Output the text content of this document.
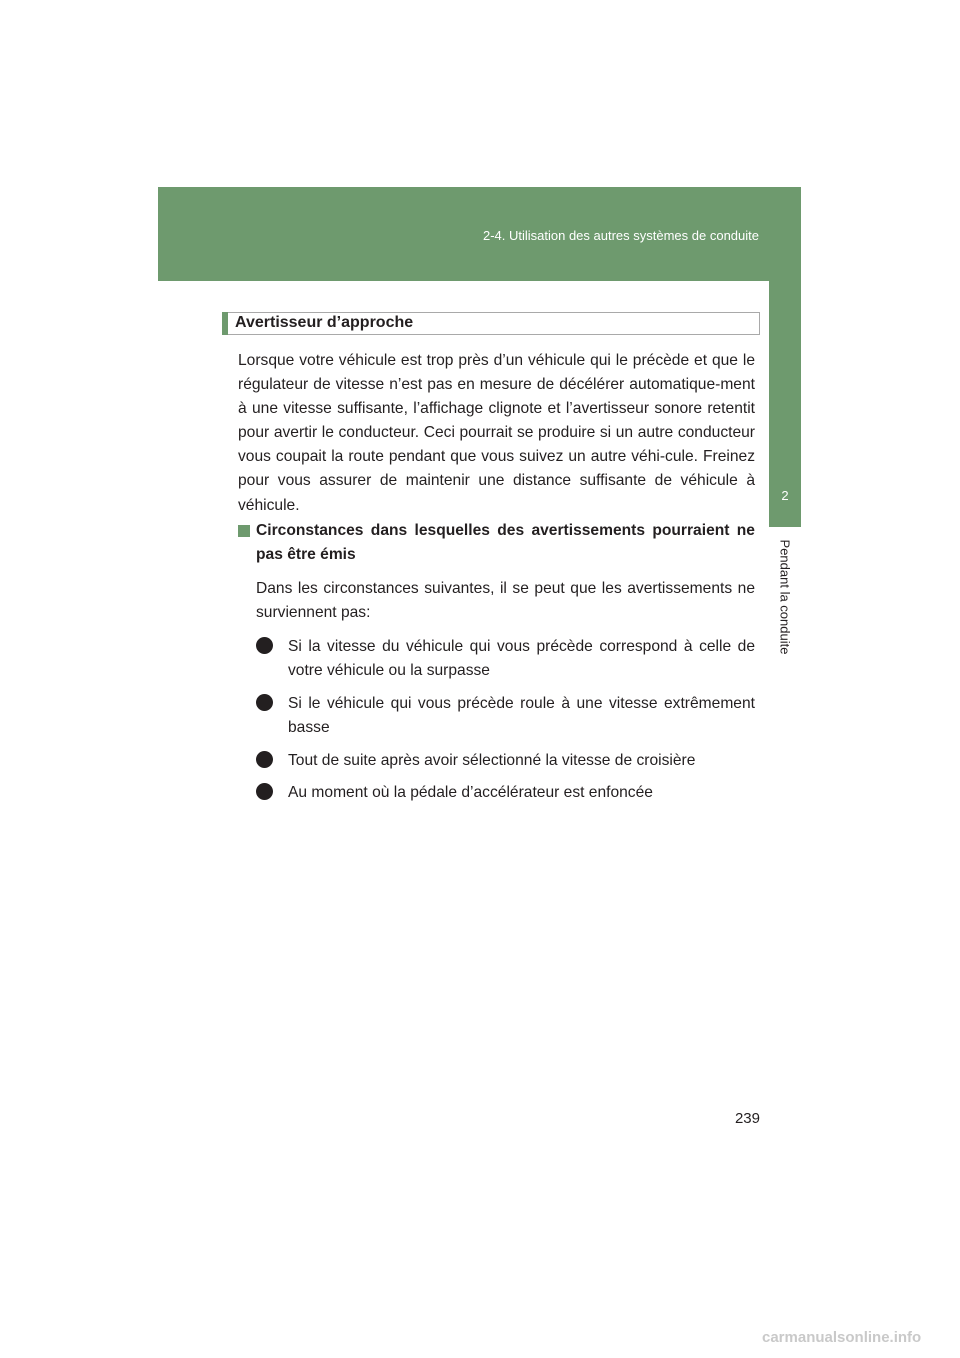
2-4. Utilisation des autres systèmes de conduite
2
Pendant la conduite
Avertisseur d’approche

Lorsque votre véhicule est trop près d’un véhicule qui le précède et que le régulateur de vitesse n’est pas en mesure de décélérer automatique-ment à une vitesse suffisante, l’affichage clignote et l’avertisseur sonore retentit pour avertir le conducteur. Ceci pourrait se produire si un autre conducteur vous coupait la route pendant que vous suivez un autre véhi-cule. Freinez pour vous assurer de maintenir une distance suffisante de véhicule à véhicule.

Circonstances dans lesquelles des avertissements pourraient ne pas être émis

Dans les circonstances suivantes, il se peut que les avertissements ne surviennent pas:

Si la vitesse du véhicule qui vous précède correspond à celle de votre véhicule ou la surpasse
Si le véhicule qui vous précède roule à une vitesse extrêmement basse
Tout de suite après avoir sélectionné la vitesse de croisière
Au moment où la pédale d’accélérateur est enfoncée
239
carmanualsonline.info
